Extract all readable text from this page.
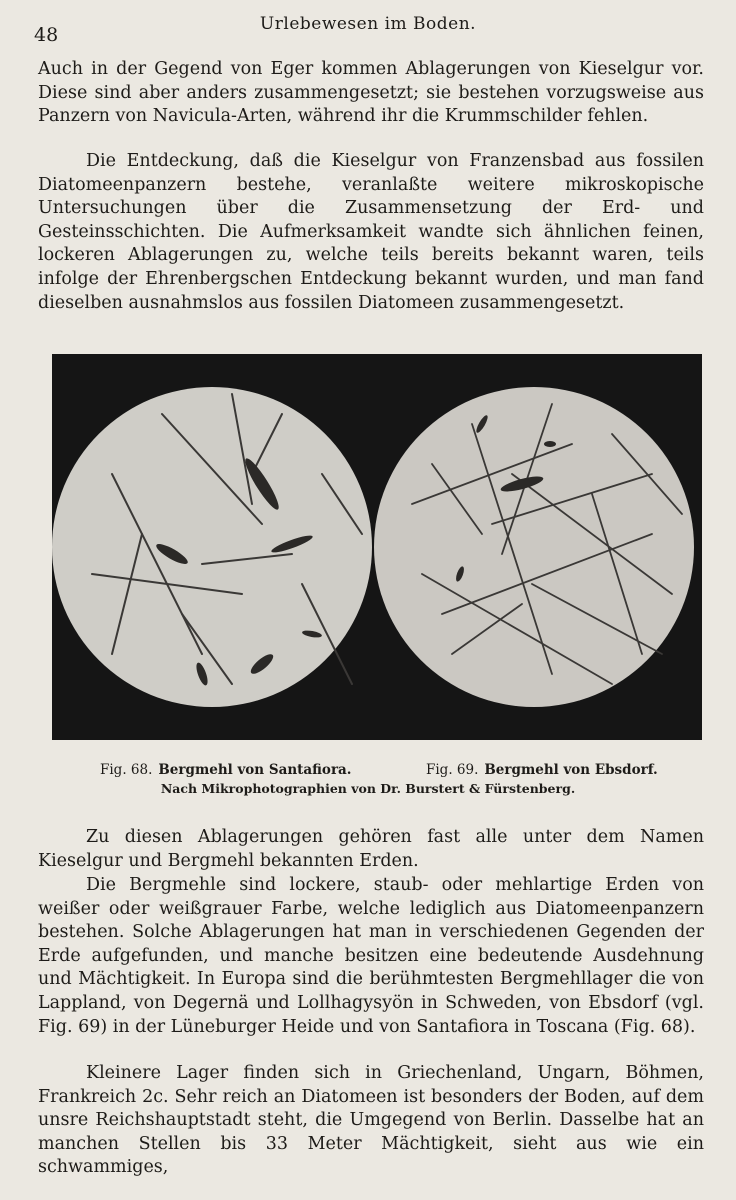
48	Urlebewesen im Boden.

Auch in der Gegend von Eger kommen Ablagerungen von Kieselgur vor. Diese sind aber anders zusammengesetzt; sie bestehen vorzugsweise aus Panzern von Navicula-Arten, während ihr die Krummschilder fehlen.

Die Entdeckung, daß die Kieselgur von Franzensbad aus fossilen Diatomeenpanzern bestehe, veranlaßte weitere mikroskopische Untersuchungen über die Zusammensetzung der Erd- und Gesteinsschichten. Die Aufmerksamkeit wandte sich ähnlichen feinen, lockeren Ablagerungen zu, welche teils bereits bekannt waren, teils infolge der Ehrenbergschen Entdeckung bekannt wurden, und man fand dieselben ausnahmslos aus fossilen Diatomeen zusammengesetzt.

Fig. 68. Bergmehl von Santafiora.	Fig. 69. Bergmehl von Ebsdorf.
Nach Mikrophotographien von Dr. Burstert & Fürstenberg.

Zu diesen Ablagerungen gehören fast alle unter dem Namen Kieselgur und Bergmehl bekannten Erden.

Die Bergmehle sind lockere, staub- oder mehlartige Erden von weißer oder weißgrauer Farbe, welche lediglich aus Diatomeenpanzern bestehen. Solche Ablagerungen hat man in verschiedenen Gegenden der Erde aufgefunden, und manche besitzen eine bedeutende Ausdehnung und Mächtigkeit. In Europa sind die berühmtesten Bergmehllager die von Lappland, von Degernä und Lollhagysyön in Schweden, von Ebsdorf (vgl. Fig. 69) in der Lüneburger Heide und von Santafiora in Toscana (Fig. 68).

Kleinere Lager finden sich in Griechenland, Ungarn, Böhmen, Frankreich 2c. Sehr reich an Diatomeen ist besonders der Boden, auf dem unsre Reichshauptstadt steht, die Umgegend von Berlin. Dasselbe hat an manchen Stellen bis 33 Meter Mächtigkeit, sieht aus wie ein schwammiges,
